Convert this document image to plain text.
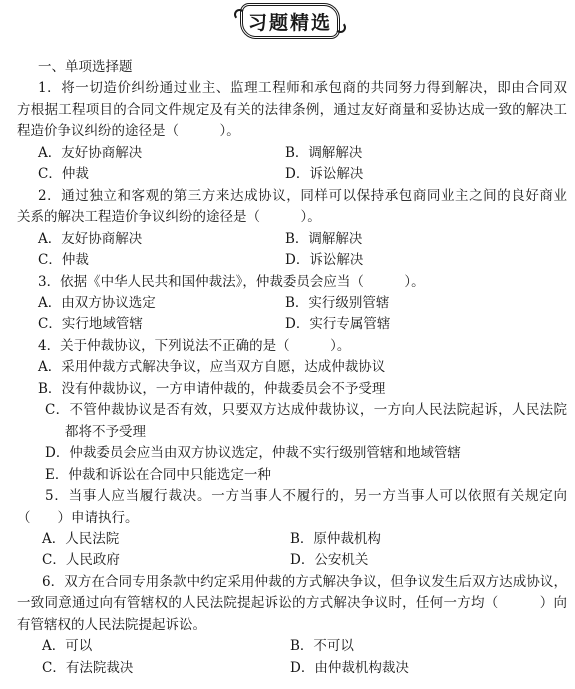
习题精选
一、单项选择题
1．将一切造价纠纷通过业主、监理工程师和承包商的共同努力得到解决，即由合同双
方根据工程项目的合同文件规定及有关的法律条例，通过友好商量和妥协达成一致的解决工
程造价争议纠纷的途径是（　　　）。
A．友好协商解决	B．调解解决
C．仲裁	D．诉讼解决
2．通过独立和客观的第三方来达成协议，同样可以保持承包商同业主之间的良好商业
关系的解决工程造价争议纠纷的途径是（　　　）。
A．友好协商解决	B．调解解决
C．仲裁	D．诉讼解决
3．依据《中华人民共和国仲裁法》，仲裁委员会应当（　　　）。
A．由双方协议选定	B．实行级别管辖
C．实行地域管辖	D．实行专属管辖
4．关于仲裁协议，下列说法不正确的是（　　　）。
A．采用仲裁方式解决争议，应当双方自愿，达成仲裁协议
B．没有仲裁协议，一方申请仲裁的，仲裁委员会不予受理
C．不管仲裁协议是否有效，只要双方达成仲裁协议，一方向人民法院起诉，人民法院
都将不予受理
D．仲裁委员会应当由双方协议选定，仲裁不实行级别管辖和地域管辖
E．仲裁和诉讼在合同中只能选定一种
5．当事人应当履行裁决。一方当事人不履行的，另一方当事人可以依照有关规定向
（　　）申请执行。
A．人民法院	B．原仲裁机构
C．人民政府	D．公安机关
6．双方在合同专用条款中约定采用仲裁的方式解决争议，但争议发生后双方达成协议，
一致同意通过向有管辖权的人民法院提起诉讼的方式解决争议时，任何一方均（　　　）向
有管辖权的人民法院提起诉讼。
A．可以	B．不可以
C．有法院裁决	D．由仲裁机构裁决
